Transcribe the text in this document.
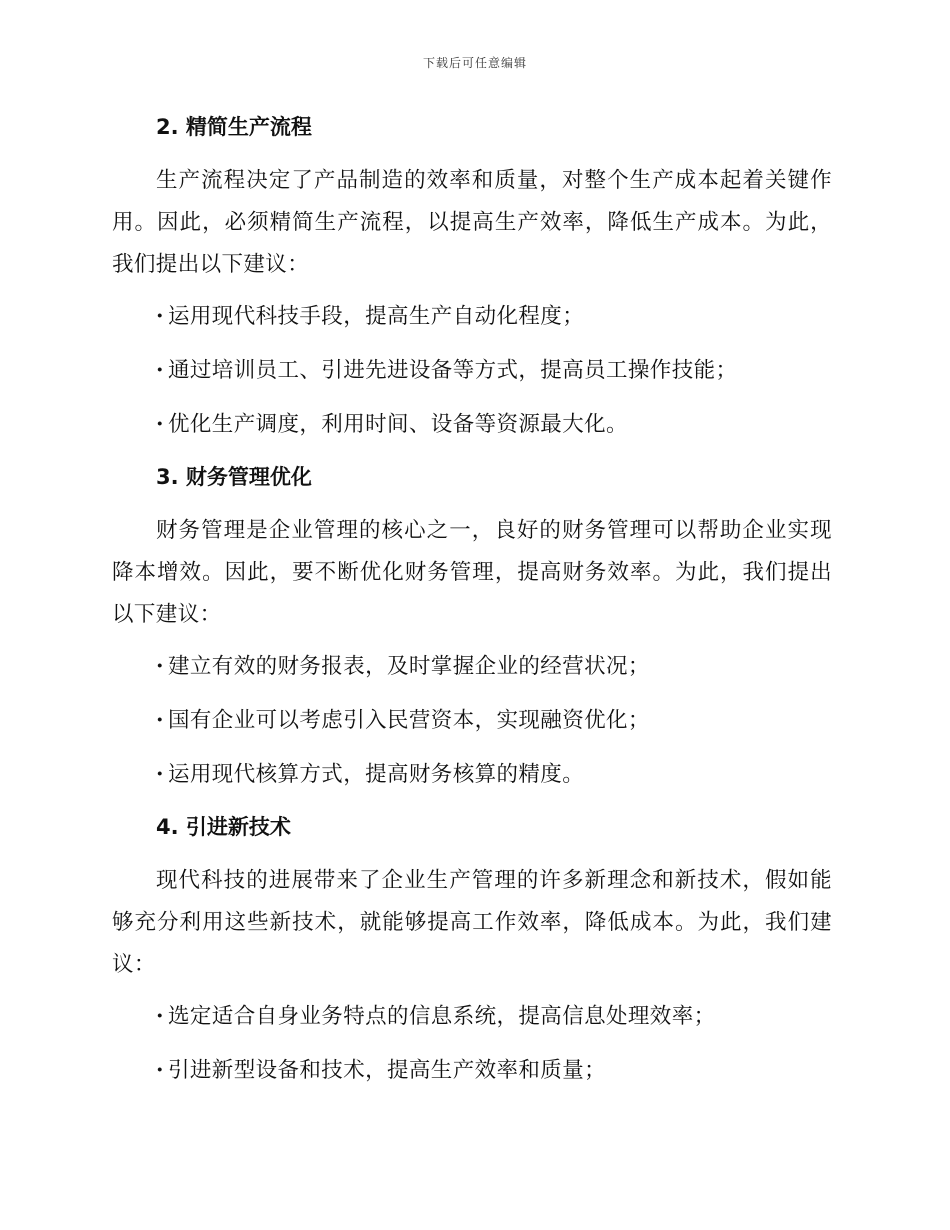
下载后可任意编辑
2. 精简生产流程
生产流程决定了产品制造的效率和质量，对整个生产成本起着关键作用。因此，必须精简生产流程，以提高生产效率，降低生产成本。为此，我们提出以下建议：
· 运用现代科技手段，提高生产自动化程度；
· 通过培训员工、引进先进设备等方式，提高员工操作技能；
· 优化生产调度，利用时间、设备等资源最大化。
3. 财务管理优化
财务管理是企业管理的核心之一，良好的财务管理可以帮助企业实现降本增效。因此，要不断优化财务管理，提高财务效率。为此，我们提出以下建议：
· 建立有效的财务报表，及时掌握企业的经营状况；
· 国有企业可以考虑引入民营资本，实现融资优化；
· 运用现代核算方式，提高财务核算的精度。
4. 引进新技术
现代科技的进展带来了企业生产管理的许多新理念和新技术，假如能够充分利用这些新技术，就能够提高工作效率，降低成本。为此，我们建议：
· 选定适合自身业务特点的信息系统，提高信息处理效率；
· 引进新型设备和技术，提高生产效率和质量；
